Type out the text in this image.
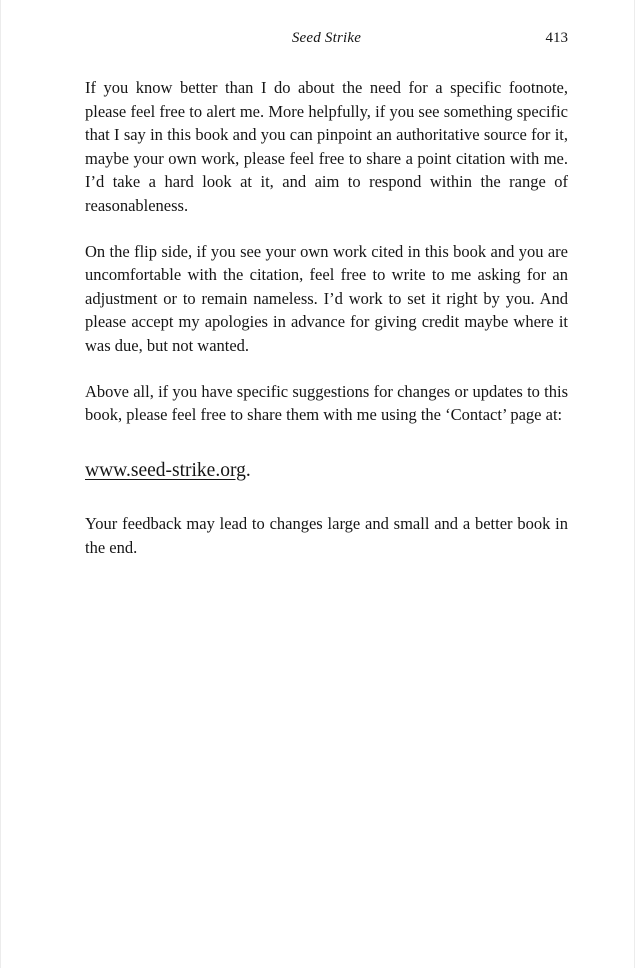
Seed Strike	413

If you know better than I do about the need for a specific footnote, please feel free to alert me. More helpfully, if you see something specific that I say in this book and you can pinpoint an authoritative source for it, maybe your own work, please feel free to share a point citation with me. I’d take a hard look at it, and aim to respond within the range of reasonableness.

On the flip side, if you see your own work cited in this book and you are uncomfortable with the citation, feel free to write to me asking for an adjustment or to remain nameless. I’d work to set it right by you. And please accept my apologies in advance for giving credit maybe where it was due, but not wanted.

Above all, if you have specific suggestions for changes or updates to this book, please feel free to share them with me using the ‘Contact’ page at:

www.seed-strike.org.

Your feedback may lead to changes large and small and a better book in the end.
